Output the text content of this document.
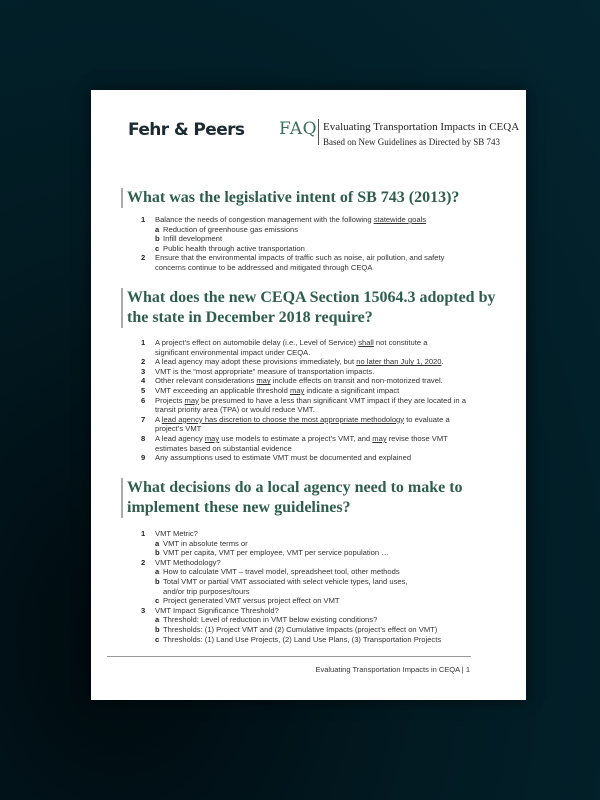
Fehr & Peers FAQ Evaluating Transportation Impacts in CEQA
Based on New Guidelines as Directed by SB 743
What was the legislative intent of SB 743 (2013)?
1	Balance the needs of congestion management with the following statewide goals
a Reduction of greenhouse gas emissions
b Infill development
c Public health through active transportation
2	Ensure that the environmental impacts of traffic such as noise, air pollution, and safety concerns continue to be addressed and mitigated through CEQA
What does the new CEQA Section 15064.3 adopted by the state in December 2018 require?
1	A project’s effect on automobile delay (i.e., Level of Service) shall not constitute a significant environmental impact under CEQA.
2	A lead agency may adopt these provisions immediately, but no later than July 1, 2020.
3	VMT is the “most appropriate” measure of transportation impacts.
4	Other relevant considerations may include effects on transit and non-motorized travel.
5	VMT exceeding an applicable threshold may indicate a significant impact
6	Projects may be presumed to have a less than significant VMT impact if they are located in a transit priority area (TPA) or would reduce VMT.
7	A lead agency has discretion to choose the most appropriate methodology to evaluate a project’s VMT
8	A lead agency may use models to estimate a project’s VMT, and may revise those VMT estimates based on substantial evidence
9	Any assumptions used to estimate VMT must be documented and explained
What decisions do a local agency need to make to implement these new guidelines?
1	VMT Metric?
a VMT in absolute terms or
b VMT per capita, VMT per employee, VMT per service population …
2	VMT Methodology?
a How to calculate VMT – travel model, spreadsheet tool, other methods
b Total VMT or partial VMT associated with select vehicle types, land uses, and/or trip purposes/tours
c Project generated VMT versus project effect on VMT
3	VMT Impact Significance Threshold?
a Threshold: Level of reduction in VMT below existing conditions?
b Thresholds: (1) Project VMT and (2) Cumulative Impacts (project’s effect on VMT)
c Thresholds: (1) Land Use Projects, (2) Land Use Plans, (3) Transportation Projects
Evaluating Transportation Impacts in CEQA | 1
